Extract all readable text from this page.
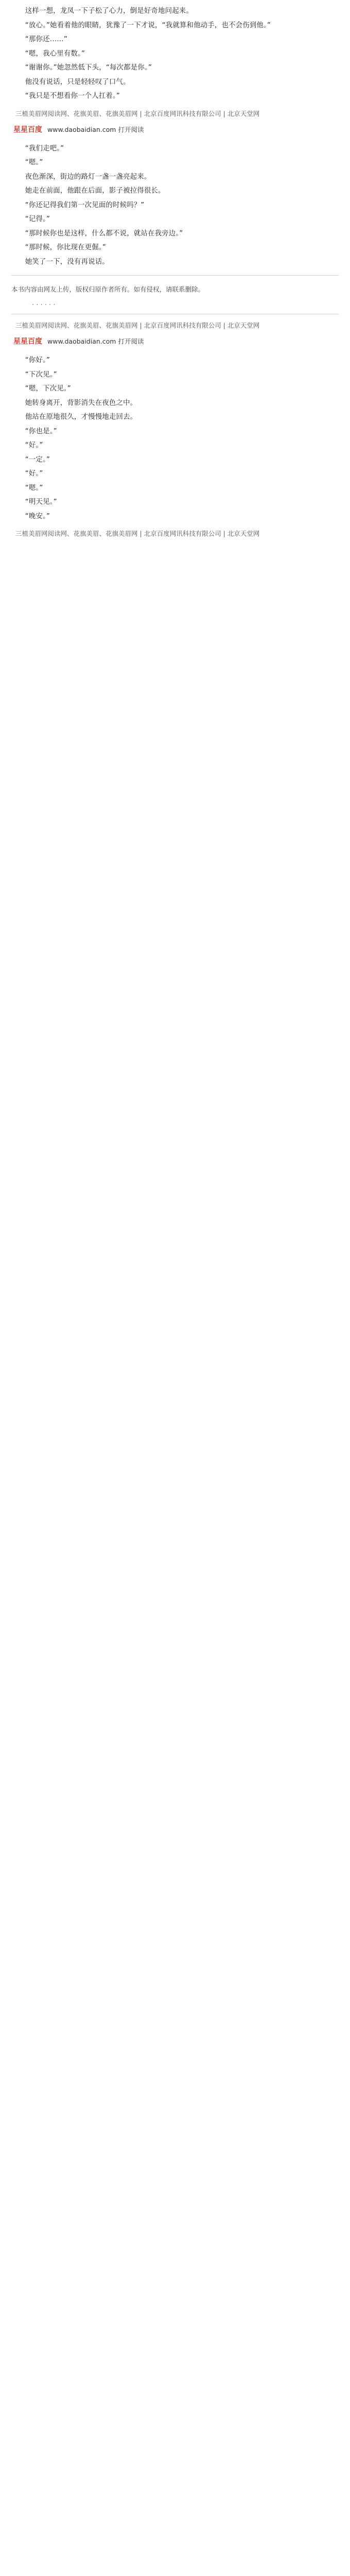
这样一想，龙凤一下子松了心力，倒是好奇地问起来。

“放心。”她看着他的眼睛，犹豫了一下才说，“我就算和他动手，也不会伤到他。”

“那你还……”

“嗯，我心里有数。”

“谢谢你。”她忽然低下头，“每次都是你。”

他没有说话，只是轻轻叹了口气。

“我只是不想看你一个人扛着。”

三植美眉网阅读网、花旗美眉、花旗美眉网 | 北京百度网讯科技有限公司 | 北京天堂网
星星百度 www.daobaidian.com 打开阅读

“我们走吧。”

“嗯。”

夜色渐深，街边的路灯一盏一盏亮起来。

她走在前面，他跟在后面，影子被拉得很长。

“你还记得我们第一次见面的时候吗？”

“记得。”

“那时候你也是这样，什么都不说，就站在我旁边。”

“那时候，你比现在更倔。”

她笑了一下，没有再说话。

本书内容由网友上传，版权归原作者所有。如有侵权，请联系删除。
. . . . . .
三植美眉网阅读网、花旗美眉、花旗美眉网 | 北京百度网讯科技有限公司 | 北京天堂网
星星百度 www.daobaidian.com 打开阅读

“你好。”

“下次见。”

“嗯，下次见。”

她转身离开，背影消失在夜色之中。

他站在原地很久，才慢慢地走回去。

“你也是。”

“好。”

“一定。”

“好。”

“嗯。”

“明天见。”

“晚安。”

三植美眉网阅读网、花旗美眉、花旗美眉网 | 北京百度网讯科技有限公司 | 北京天堂网
